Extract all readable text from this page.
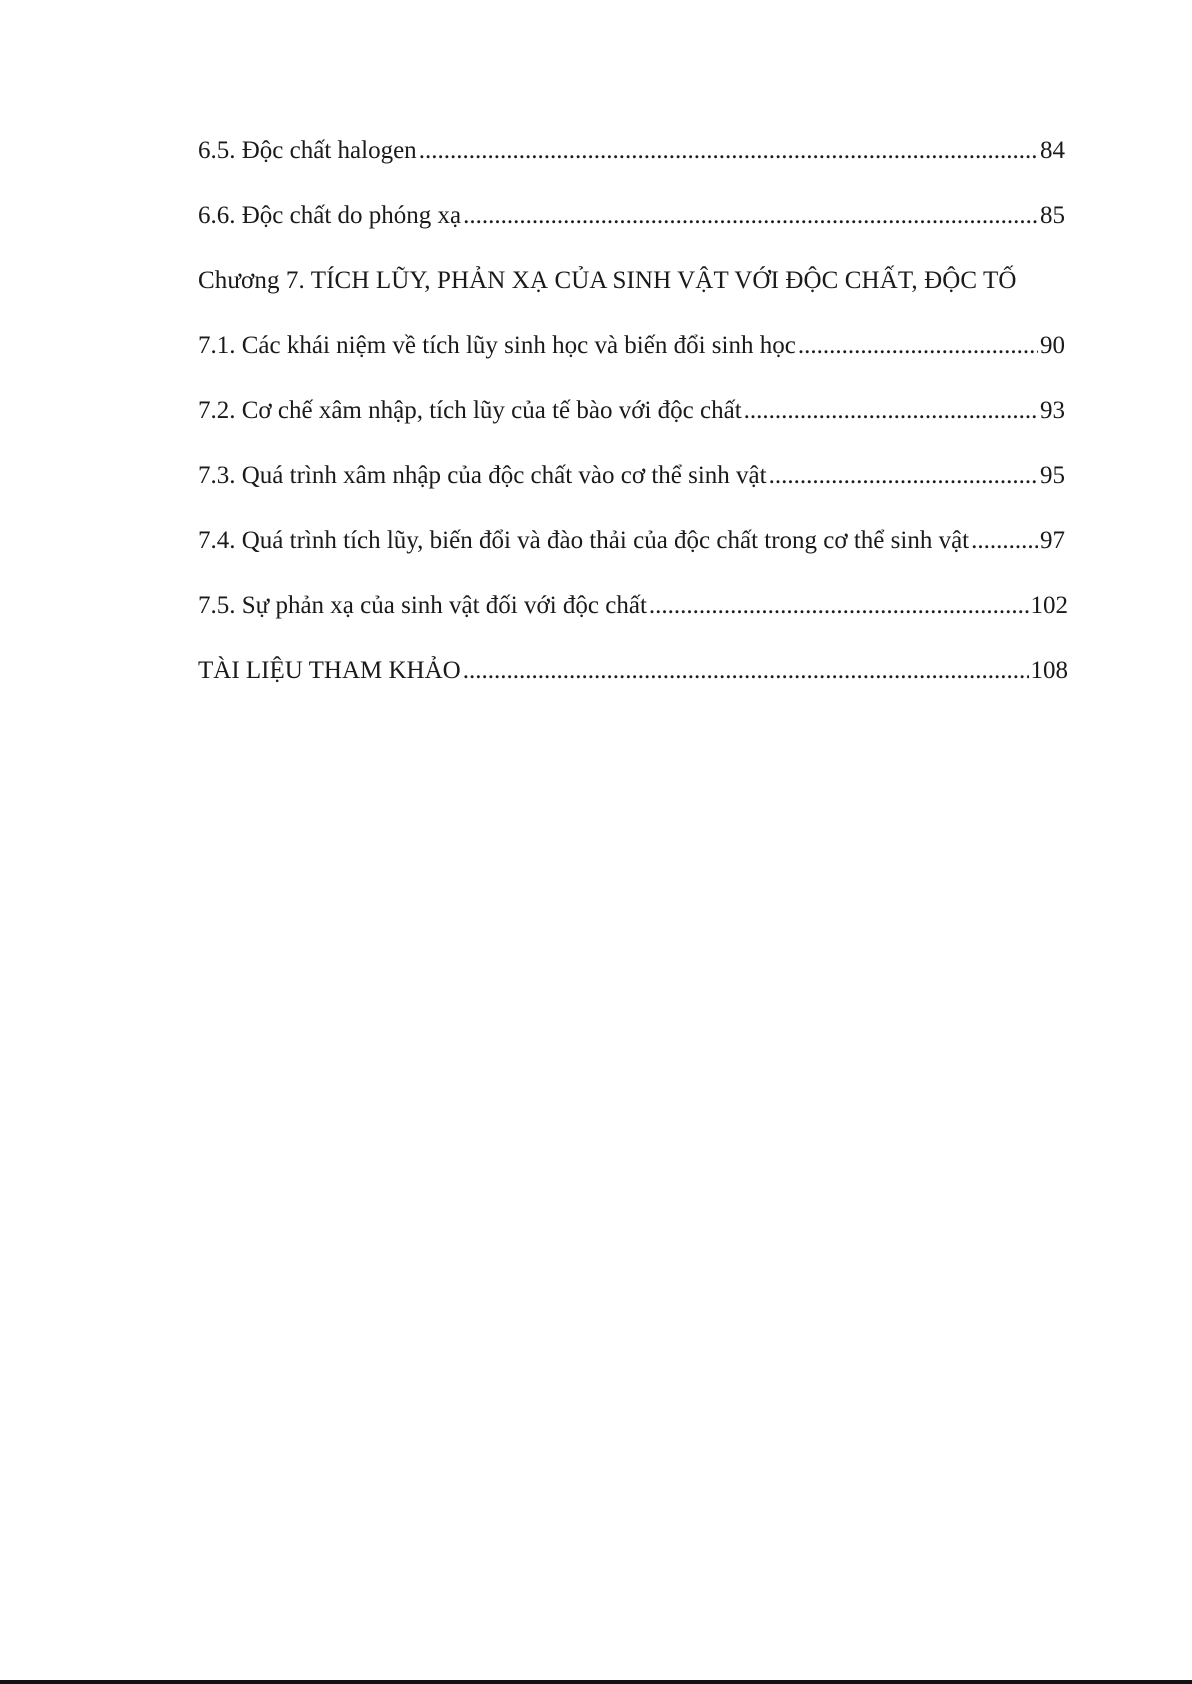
6.5. Độc chất halogen .....	84
6.6. Độc chất do phóng xạ .....	85
Chương 7. TÍCH LŨY, PHẢN XẠ CỦA SINH VẬT VỚI ĐỘC CHẤT, ĐỘC TỐ
7.1. Các khái niệm về tích lũy sinh học và biến đổi sinh học .....	90
7.2. Cơ chế xâm nhập, tích lũy của tế bào với độc chất .....	93
7.3. Quá trình xâm nhập của độc chất vào cơ thể sinh vật .....	95
7.4. Quá trình tích lũy, biến đổi và đào thải của độc chất trong cơ thể sinh vật .....	97
7.5. Sự phản xạ của sinh vật đối với độc chất .....	102
TÀI LIỆU THAM KHẢO .....	108
